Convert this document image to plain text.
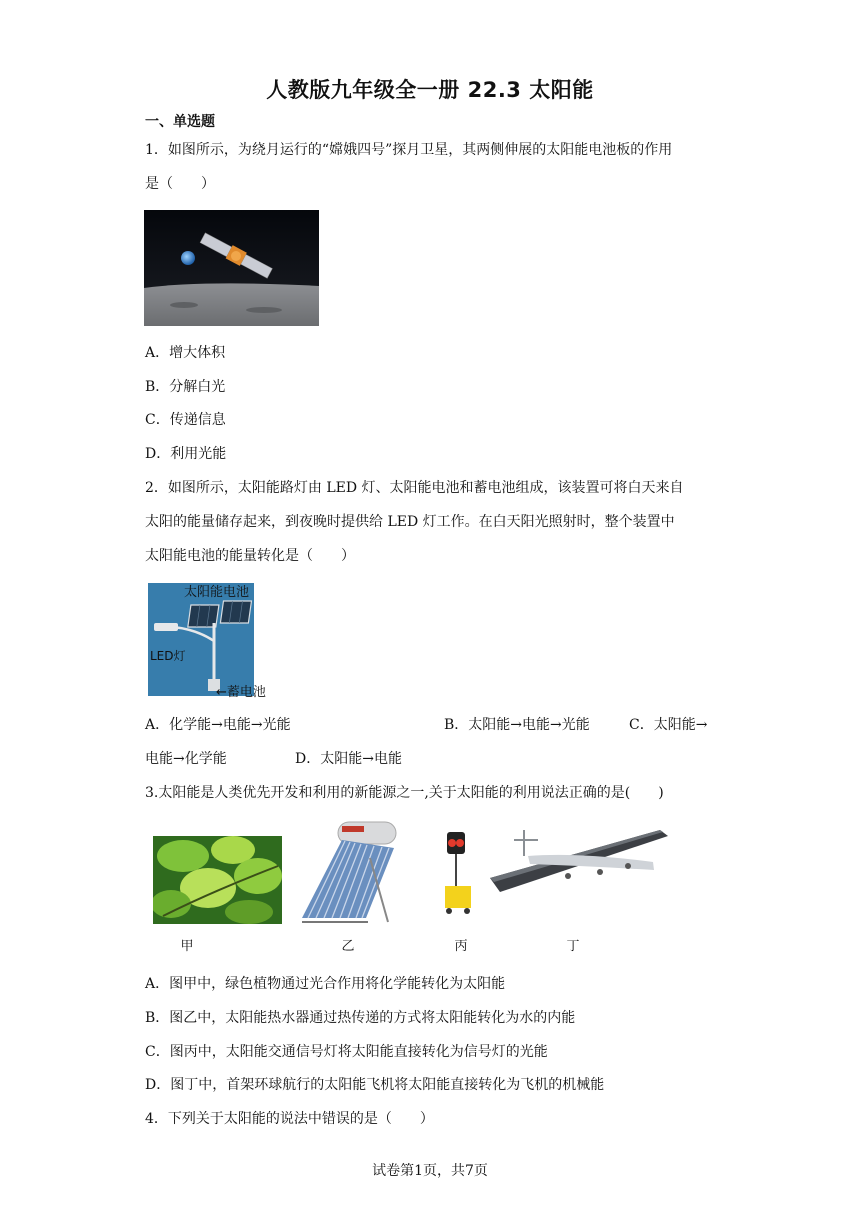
人教版九年级全一册 22.3 太阳能
一、单选题
1．如图所示，为绕月运行的“嫦娥四号”探月卫星，其两侧伸展的太阳能电池板的作用
是（　　）
A．增大体积
B．分解白光
C．传递信息
D．利用光能
2．如图所示，太阳能路灯由 LED 灯、太阳能电池和蓄电池组成，该装置可将白天来自
太阳的能量储存起来，到夜晚时提供给 LED 灯工作。在白天阳光照射时，整个装置中
太阳能电池的能量转化是（　　）
太阳能电池
LED灯
←蓄电池
A．化学能→电能→光能	B．太阳能→电能→光能	C．太阳能→
电能→化学能	D．太阳能→电能
3.太阳能是人类优先开发和利用的新能源之一,关于太阳能的利用说法正确的是(　　)
甲	乙	丙	丁
A．图甲中，绿色植物通过光合作用将化学能转化为太阳能
B．图乙中，太阳能热水器通过热传递的方式将太阳能转化为水的内能
C．图丙中，太阳能交通信号灯将太阳能直接转化为信号灯的光能
D．图丁中，首架环球航行的太阳能飞机将太阳能直接转化为飞机的机械能
4．下列关于太阳能的说法中错误的是（　　）
试卷第1页，共7页
